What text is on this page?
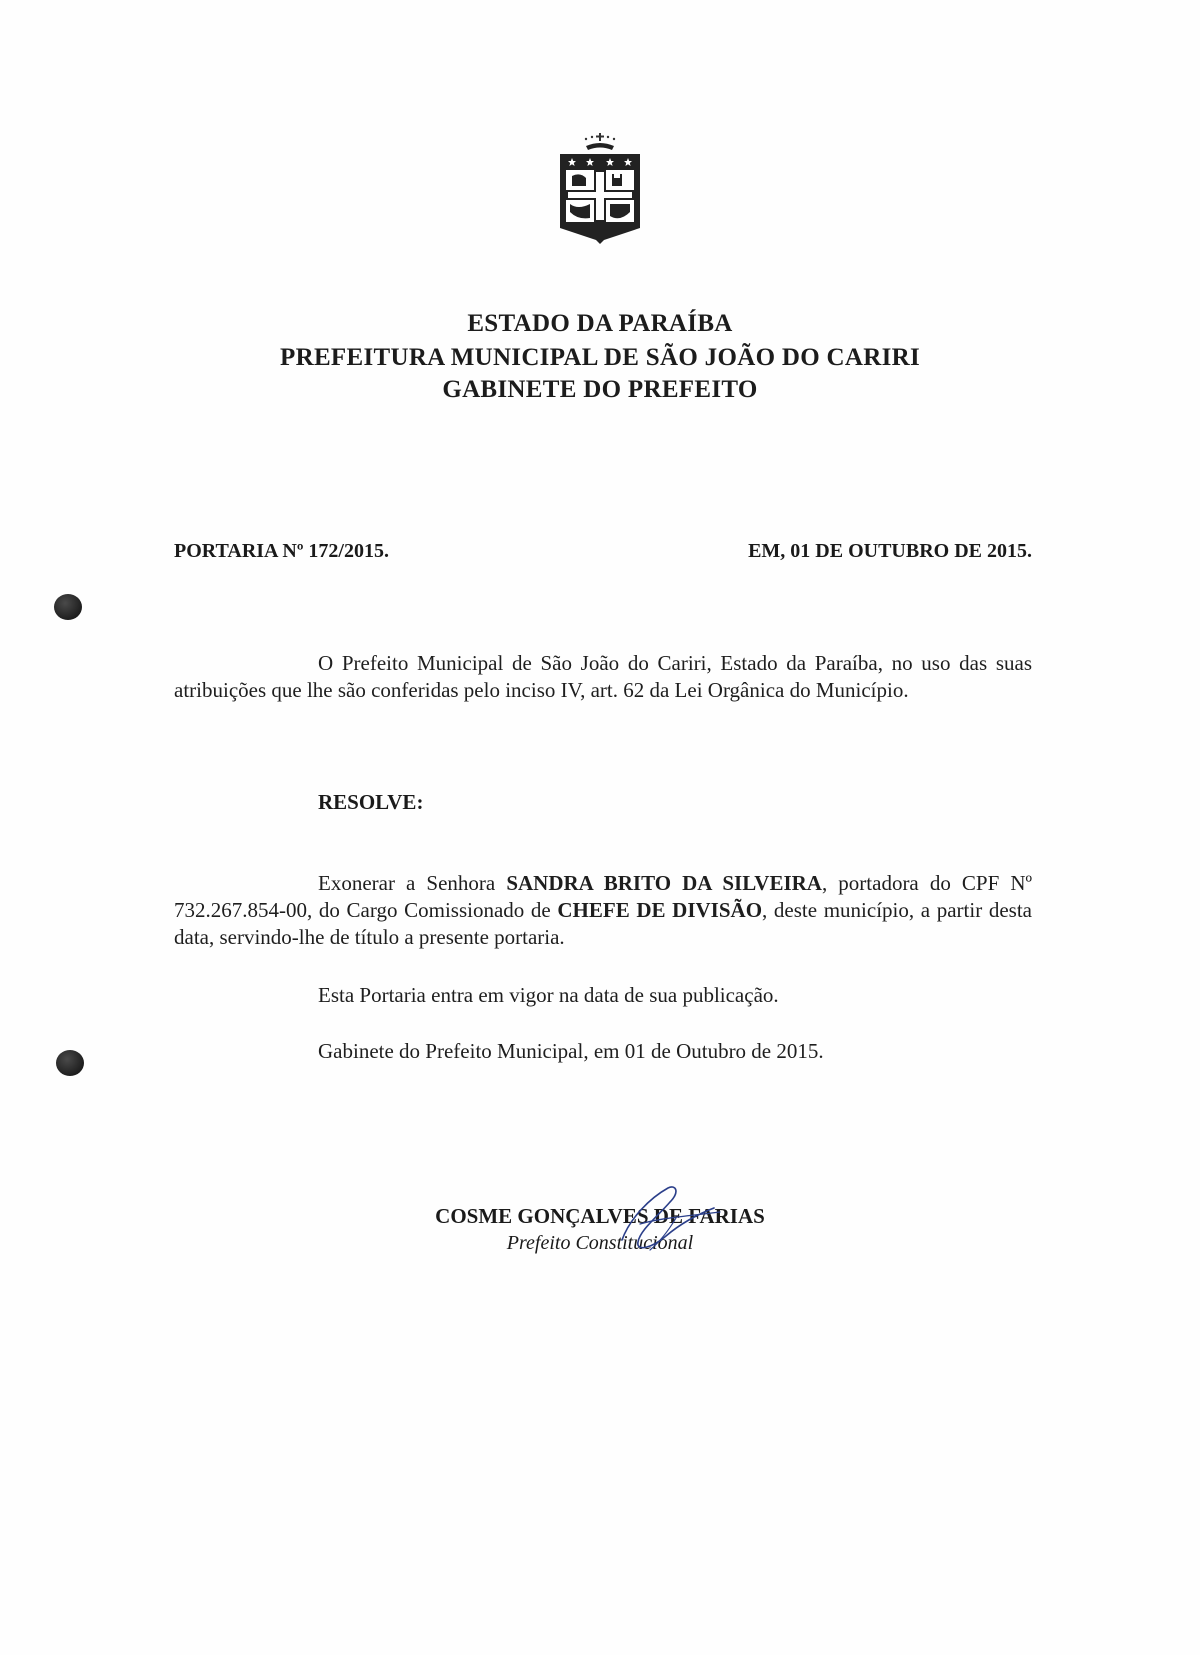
ESTADO DA PARAÍBA
PREFEITURA MUNICIPAL DE SÃO JOÃO DO CARIRI
GABINETE DO PREFEITO
PORTARIA Nº 172/2015.	EM, 01 DE OUTUBRO DE 2015.
O Prefeito Municipal de São João do Cariri, Estado da Paraíba, no uso das suas atribuições que lhe são conferidas pelo inciso IV, art. 62 da Lei Orgânica do Município.
RESOLVE:
Exonerar a Senhora SANDRA BRITO DA SILVEIRA, portadora do CPF Nº 732.267.854-00, do Cargo Comissionado de CHEFE DE DIVISÃO, deste município, a partir desta data, servindo-lhe de título a presente portaria.
Esta Portaria entra em vigor na data de sua publicação.
Gabinete do Prefeito Municipal, em 01 de Outubro de 2015.
COSME GONÇALVES DE FARIAS
Prefeito Constitucional
